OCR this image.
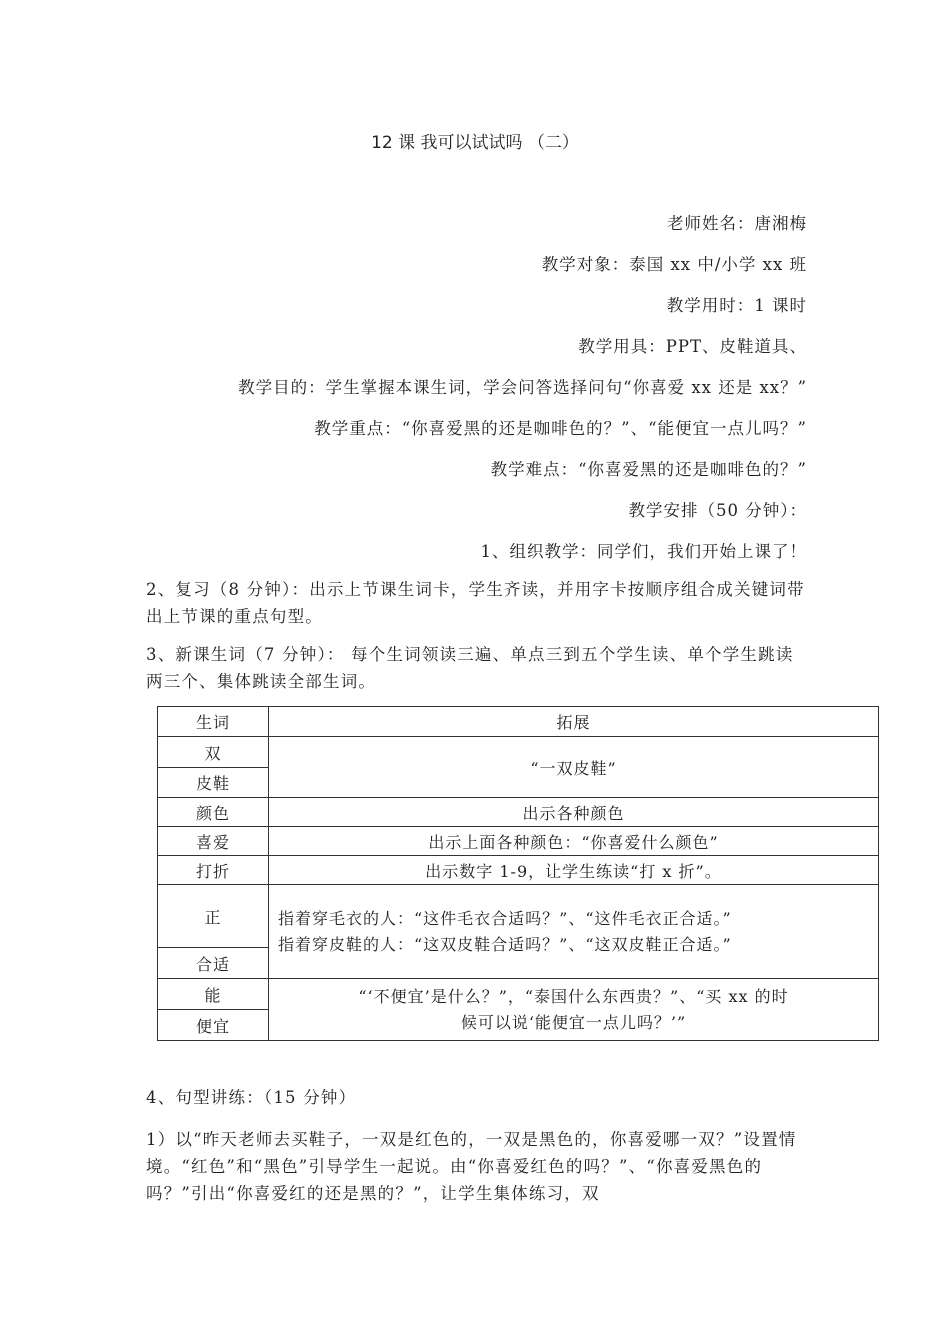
12 课 我可以试试吗 （二）
老师姓名：唐湘梅
教学对象：泰国 xx 中/小学 xx 班
教学用时：1 课时
教学用具：PPT、皮鞋道具、
教学目的：学生掌握本课生词，学会问答选择问句“你喜爱 xx 还是 xx？”
教学重点：“你喜爱黑的还是咖啡色的？”、“能便宜一点儿吗？”
教学难点：“你喜爱黑的还是咖啡色的？”
教学安排（50 分钟）：
1、组织教学：同学们，我们开始上课了！
2、复习（8 分钟）：出示上节课生词卡，学生齐读，并用字卡按顺序组合成关键词带出上节课的重点句型。
3、新课生词（7 分钟）： 每个生词领读三遍、单点三到五个学生读、单个学生跳读两三个、集体跳读全部生词。
生词	拓展
双	“一双皮鞋”
皮鞋	
颜色	出示各种颜色
喜爱	出示上面各种颜色：“你喜爱什么颜色”
打折	出示数字 1-9，让学生练读“打 x 折”。
正	指着穿毛衣的人：“这件毛衣合适吗？”、“这件毛衣正合适。”
指着穿皮鞋的人：“这双皮鞋合适吗？”、“这双皮鞋正合适。”

合适	
能	“‘不便宜’是什么？”，“泰国什么东西贵？”、“买 xx 的时
候可以说‘能便宜一点儿吗？’”

便宜	
4、句型讲练：（15 分钟）
1）以“昨天老师去买鞋子，一双是红色的，一双是黑色的，你喜爱哪一双？”设置情境。“红色”和“黑色”引导学生一起说。由“你喜爱红色的吗？”、“你喜爱黑色的吗？”引出“你喜爱红的还是黑的？”，让学生集体练习，双
